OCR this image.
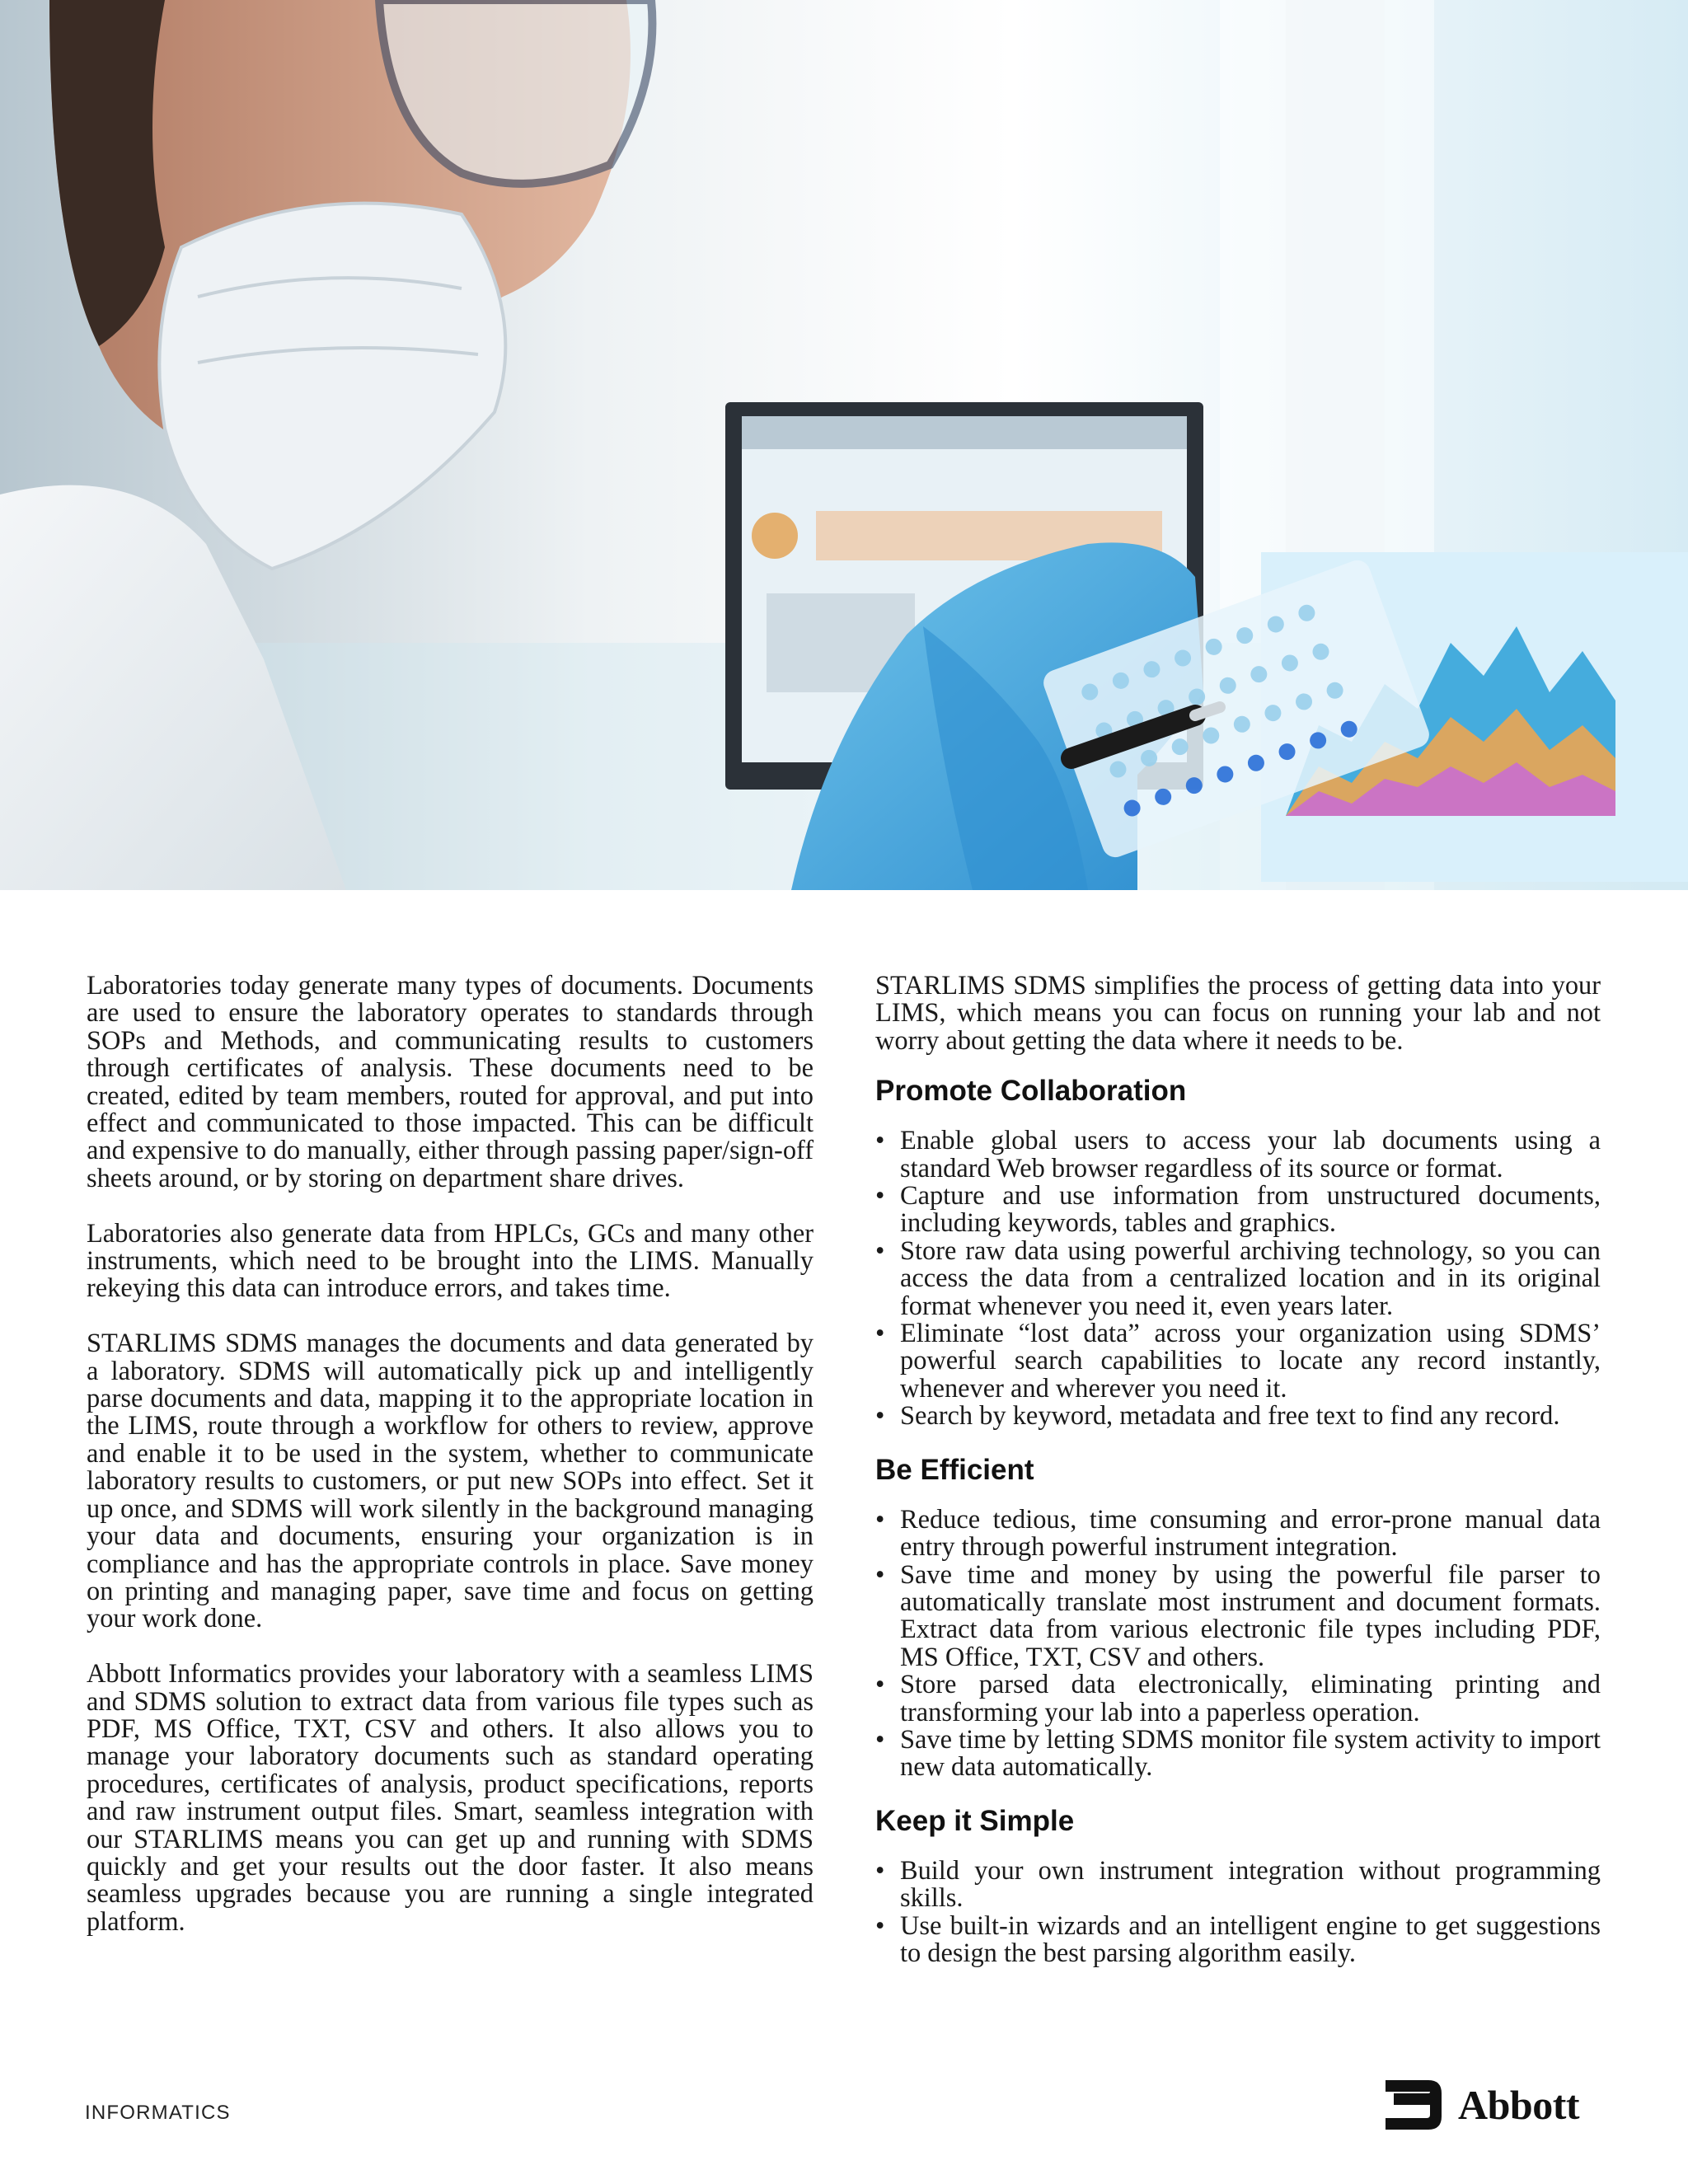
Laboratories today generate many types of documents. Documents are used to ensure the laboratory operates to standards through SOPs and Methods, and communicating results to customers through certificates of analysis. These documents need to be created, edited by team members, routed for approval, and put into effect and communicated to those impacted. This can be difficult and expensive to do manually, either through passing paper/sign-off sheets around, or by storing on department share drives.

Laboratories also generate data from HPLCs, GCs and many other instruments, which need to be brought into the LIMS. Manually rekeying this data can introduce errors, and takes time.

STARLIMS SDMS manages the documents and data generated by a laboratory. SDMS will automatically pick up and intelligently parse documents and data, mapping it to the appropriate location in the LIMS, route through a workflow for others to review, approve and enable it to be used in the system, whether to communicate laboratory results to customers, or put new SOPs into effect. Set it up once, and SDMS will work silently in the background managing your data and documents, ensuring your organization is in compliance and has the appropriate controls in place. Save money on printing and managing paper, save time and focus on getting your work done.

Abbott Informatics provides your laboratory with a seamless LIMS and SDMS solution to extract data from various file types such as PDF, MS Office, TXT, CSV and others. It also allows you to manage your laboratory documents such as standard operating procedures, certificates of analysis, product specifications, reports and raw instrument output files. Smart, seamless integration with our STARLIMS means you can get up and running with SDMS quickly and get your results out the door faster. It also means seamless upgrades because you are running a single integrated platform.

STARLIMS SDMS simplifies the process of getting data into your LIMS, which means you can focus on running your lab and not worry about getting the data where it needs to be.

Promote Collaboration
• Enable global users to access your lab documents using a standard Web browser regardless of its source or format.
• Capture and use information from unstructured documents, including keywords, tables and graphics.
• Store raw data using powerful archiving technology, so you can access the data from a centralized location and in its original format whenever you need it, even years later.
• Eliminate “lost data” across your organization using SDMS’ powerful search capabilities to locate any record instantly, whenever and wherever you need it.
• Search by keyword, metadata and free text to find any record.
Be Efficient
• Reduce tedious, time consuming and error-prone manual data entry through powerful instrument integration.
• Save time and money by using the powerful file parser to automatically translate most instrument and document formats. Extract data from various electronic file types including PDF, MS Office, TXT, CSV and others.
• Store parsed data electronically, eliminating printing and transforming your lab into a paperless operation.
• Save time by letting SDMS monitor file system activity to import new data automatically.
Keep it Simple
• Build your own instrument integration without programming skills.
• Use built-in wizards and an intelligent engine to get suggestions to design the best parsing algorithm easily.
INFORMATICS	Abbott
